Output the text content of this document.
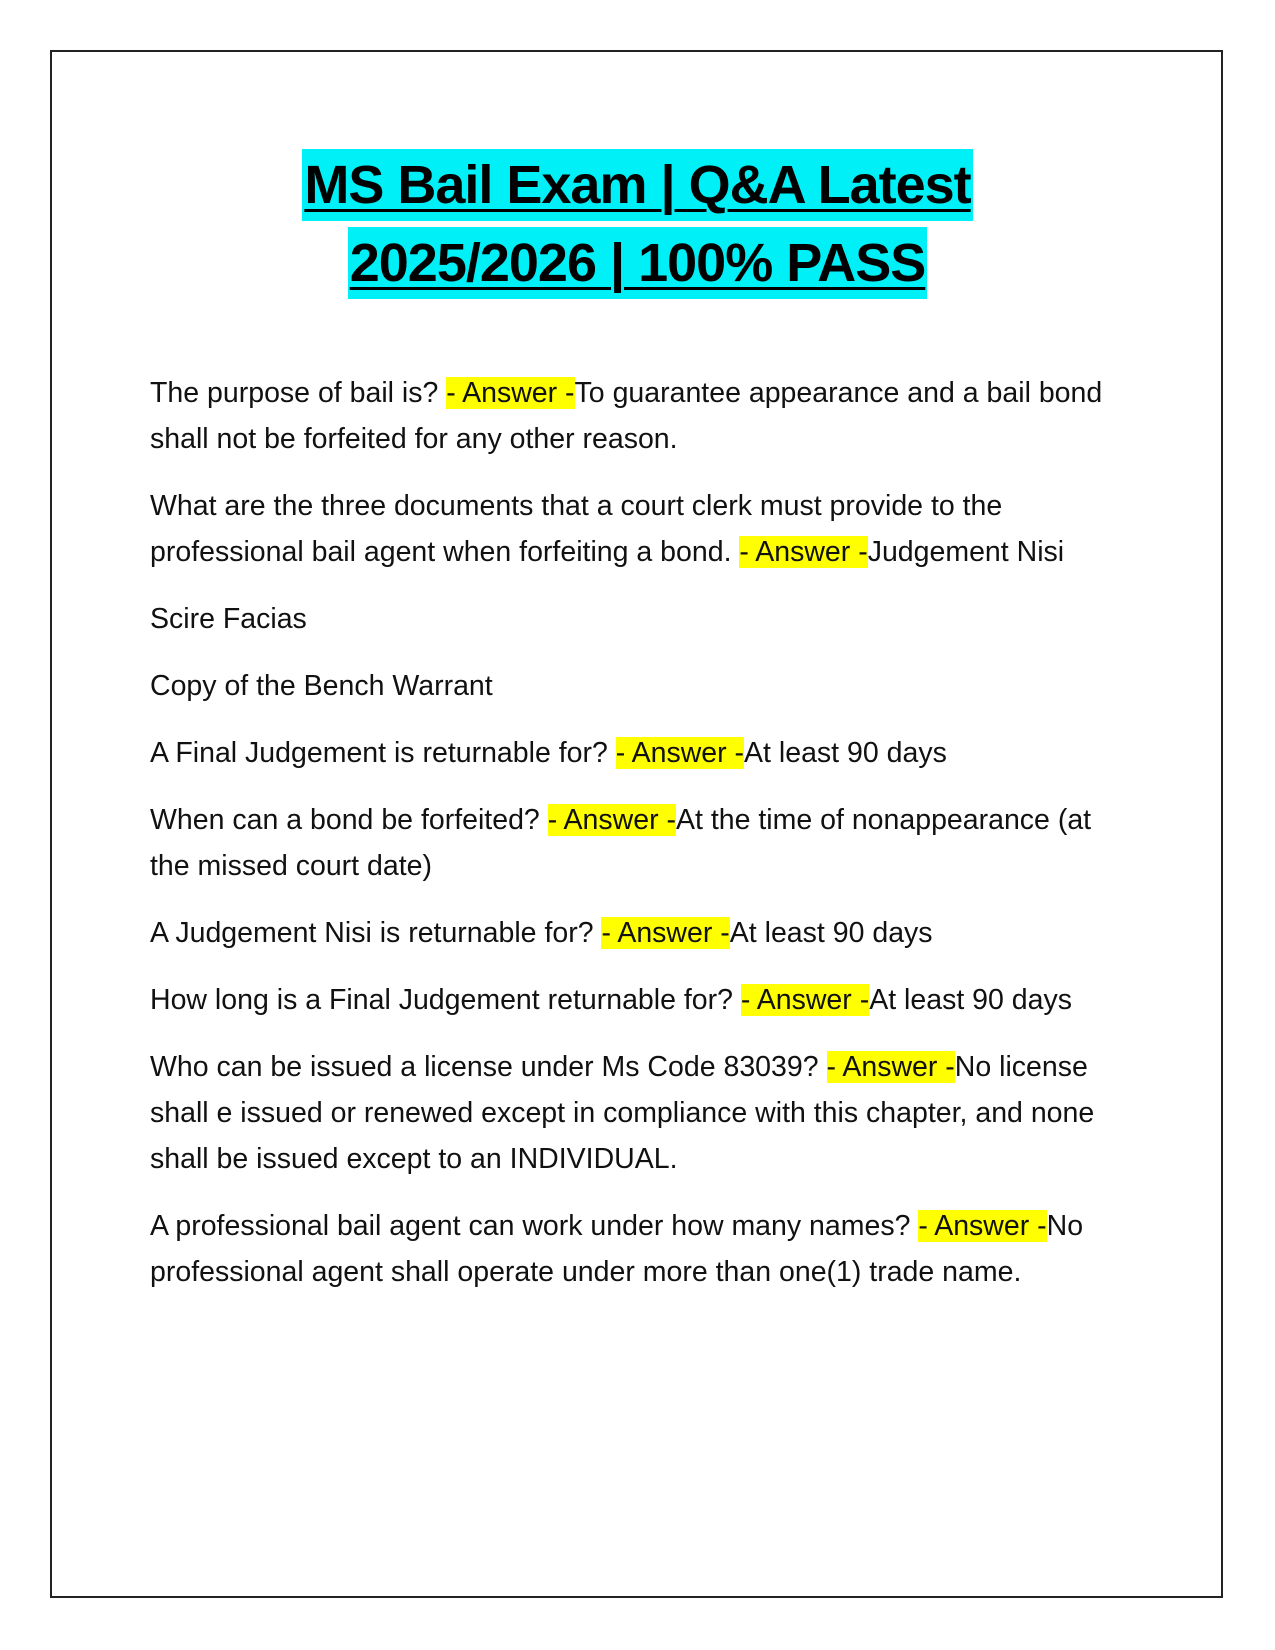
MS Bail Exam | Q&A Latest
2025/2026 | 100% PASS

The purpose of bail is? - Answer -To guarantee appearance and a bail bond shall not be forfeited for any other reason.

What are the three documents that a court clerk must provide to the professional bail agent when forfeiting a bond. - Answer -Judgement Nisi

Scire Facias

Copy of the Bench Warrant

A Final Judgement is returnable for? - Answer -At least 90 days

When can a bond be forfeited? - Answer -At the time of nonappearance (at the missed court date)

A Judgement Nisi is returnable for? - Answer -At least 90 days

How long is a Final Judgement returnable for? - Answer -At least 90 days

Who can be issued a license under Ms Code 83039? - Answer -No license shall e issued or renewed except in compliance with this chapter, and none shall be issued except to an INDIVIDUAL.

A professional bail agent can work under how many names? - Answer -No professional agent shall operate under more than one(1) trade name.
